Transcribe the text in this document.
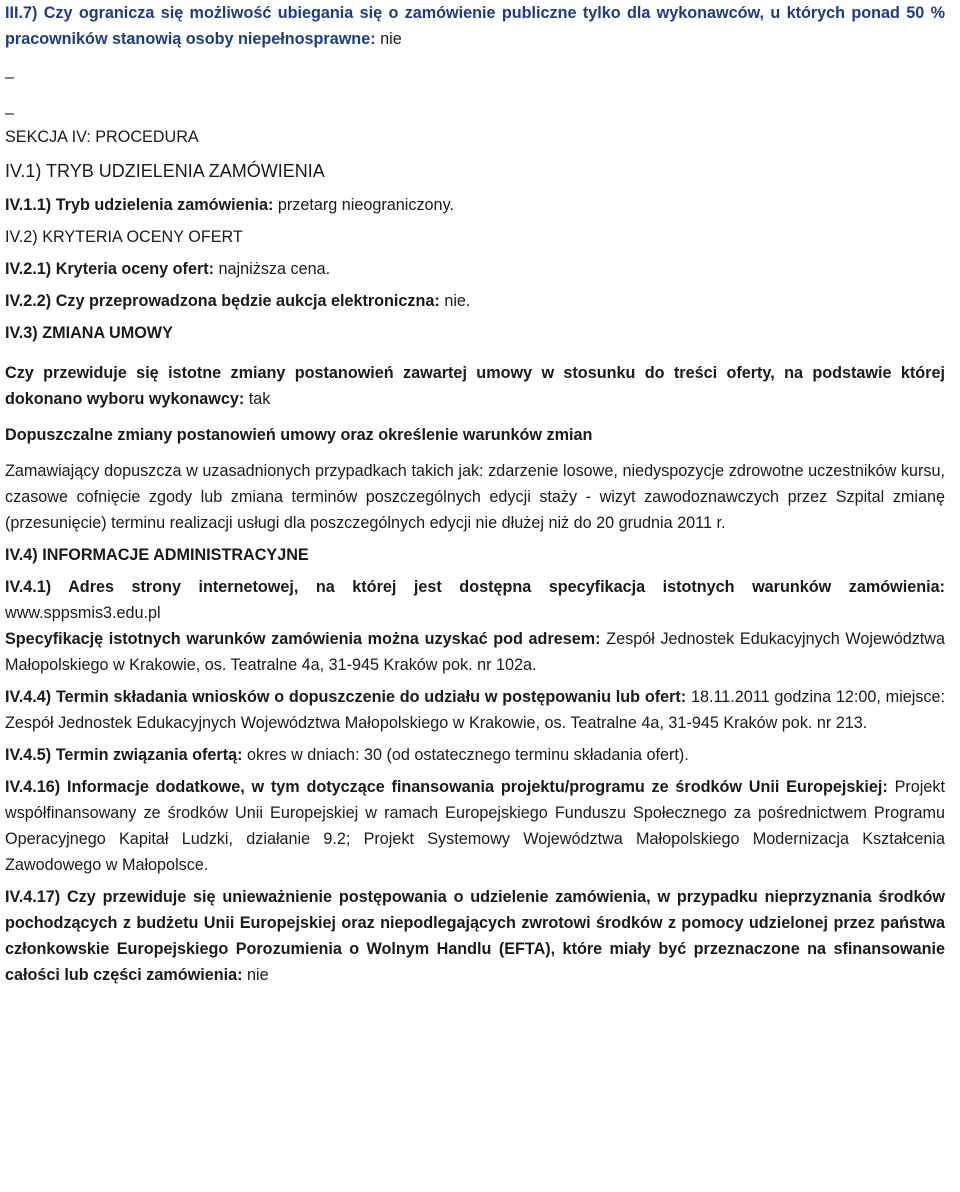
III.7) Czy ogranicza się możliwość ubiegania się o zamówienie publiczne tylko dla wykonawców, u których ponad 50 % pracowników stanowią osoby niepełnosprawne: nie

_
_

SEKCJA IV: PROCEDURA

IV.1) TRYB UDZIELENIA ZAMÓWIENIA

IV.1.1) Tryb udzielenia zamówienia: przetarg nieograniczony.

IV.2) KRYTERIA OCENY OFERT

IV.2.1) Kryteria oceny ofert: najniższa cena.

IV.2.2) Czy przeprowadzona będzie aukcja elektroniczna: nie.

IV.3) ZMIANA UMOWY

Czy przewiduje się istotne zmiany postanowień zawartej umowy w stosunku do treści oferty, na podstawie której dokonano wyboru wykonawcy: tak

Dopuszczalne zmiany postanowień umowy oraz określenie warunków zmian

Zamawiający dopuszcza w uzasadnionych przypadkach takich jak: zdarzenie losowe, niedyspozycje zdrowotne uczestników kursu, czasowe cofnięcie zgody lub zmiana terminów poszczególnych edycji staży - wizyt zawodoznawczych przez Szpital zmianę (przesunięcie) terminu realizacji usługi dla poszczególnych edycji nie dłużej niż do 20 grudnia 2011 r.

IV.4) INFORMACJE ADMINISTRACYJNE

IV.4.1) Adres strony internetowej, na której jest dostępna specyfikacja istotnych warunków zamówienia: www.sppsmis3.edu.pl

Specyfikację istotnych warunków zamówienia można uzyskać pod adresem: Zespół Jednostek Edukacyjnych Województwa Małopolskiego w Krakowie, os. Teatralne 4a, 31-945 Kraków pok. nr 102a.

IV.4.4) Termin składania wniosków o dopuszczenie do udziału w postępowaniu lub ofert: 18.11.2011 godzina 12:00, miejsce: Zespół Jednostek Edukacyjnych Województwa Małopolskiego w Krakowie, os. Teatralne 4a, 31-945 Kraków pok. nr 213.

IV.4.5) Termin związania ofertą: okres w dniach: 30 (od ostatecznego terminu składania ofert).

IV.4.16) Informacje dodatkowe, w tym dotyczące finansowania projektu/programu ze środków Unii Europejskiej: Projekt współfinansowany ze środków Unii Europejskiej w ramach Europejskiego Funduszu Społecznego za pośrednictwem Programu Operacyjnego Kapitał Ludzki, działanie 9.2; Projekt Systemowy Województwa Małopolskiego Modernizacja Kształcenia Zawodowego w Małopolsce.

IV.4.17) Czy przewiduje się unieważnienie postępowania o udzielenie zamówienia, w przypadku nieprzyznania środków pochodzących z budżetu Unii Europejskiej oraz niepodlegających zwrotowi środków z pomocy udzielonej przez państwa członkowskie Europejskiego Porozumienia o Wolnym Handlu (EFTA), które miały być przeznaczone na sfinansowanie całości lub części zamówienia: nie
